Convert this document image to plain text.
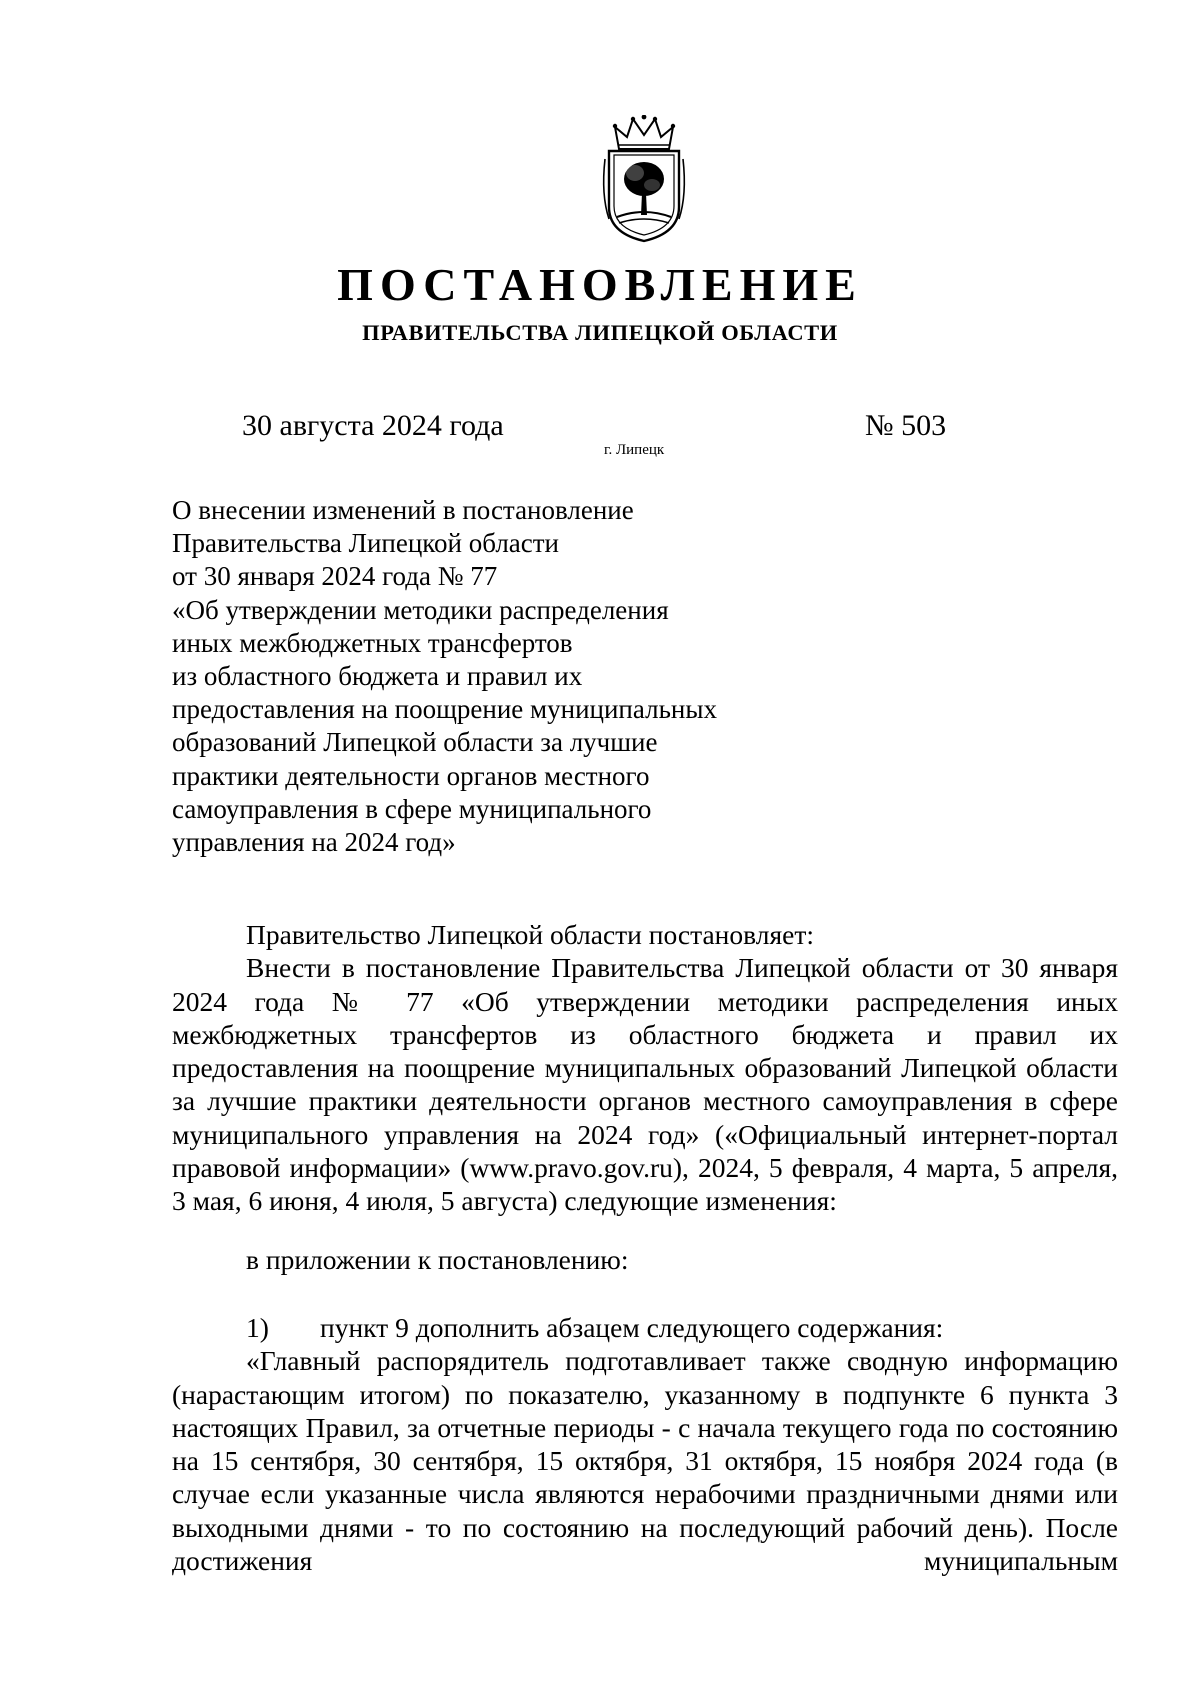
ПОСТАНОВЛЕНИЕ
ПРАВИТЕЛЬСТВА ЛИПЕЦКОЙ ОБЛАСТИ
30 августа 2024 года
г. Липецк
№ 503
О внесении изменений в постановление
Правительства Липецкой области
от 30 января 2024 года № 77
«Об утверждении методики распределения
иных межбюджетных трансфертов
из областного бюджета и правил их
предоставления на поощрение муниципальных
образований Липецкой области за лучшие
практики деятельности органов местного
самоуправления в сфере муниципального
управления на 2024 год»
Правительство Липецкой области постановляет:
Внести в постановление Правительства Липецкой области от 30 января 2024 года № 77 «Об утверждении методики распределения иных межбюджетных трансфертов из областного бюджета и правил их предоставления на поощрение муниципальных образований Липецкой области за лучшие практики деятельности органов местного самоуправления в сфере муниципального управления на 2024 год» («Официальный интернет-портал правовой информации» (www.pravo.gov.ru), 2024, 5 февраля, 4 марта, 5 апреля, 3 мая, 6 июня, 4 июля, 5 августа) следующие изменения:
в приложении к постановлению:
1) пункт 9 дополнить абзацем следующего содержания:
«Главный распорядитель подготавливает также сводную информацию (нарастающим итогом) по показателю, указанному в подпункте 6 пункта 3 настоящих Правил, за отчетные периоды - с начала текущего года по состоянию на 15 сентября, 30 сентября, 15 октября, 31 октября, 15 ноября 2024 года (в случае если указанные числа являются нерабочими праздничными днями или выходными днями - то по состоянию на последующий рабочий день). После достижения муниципальным
